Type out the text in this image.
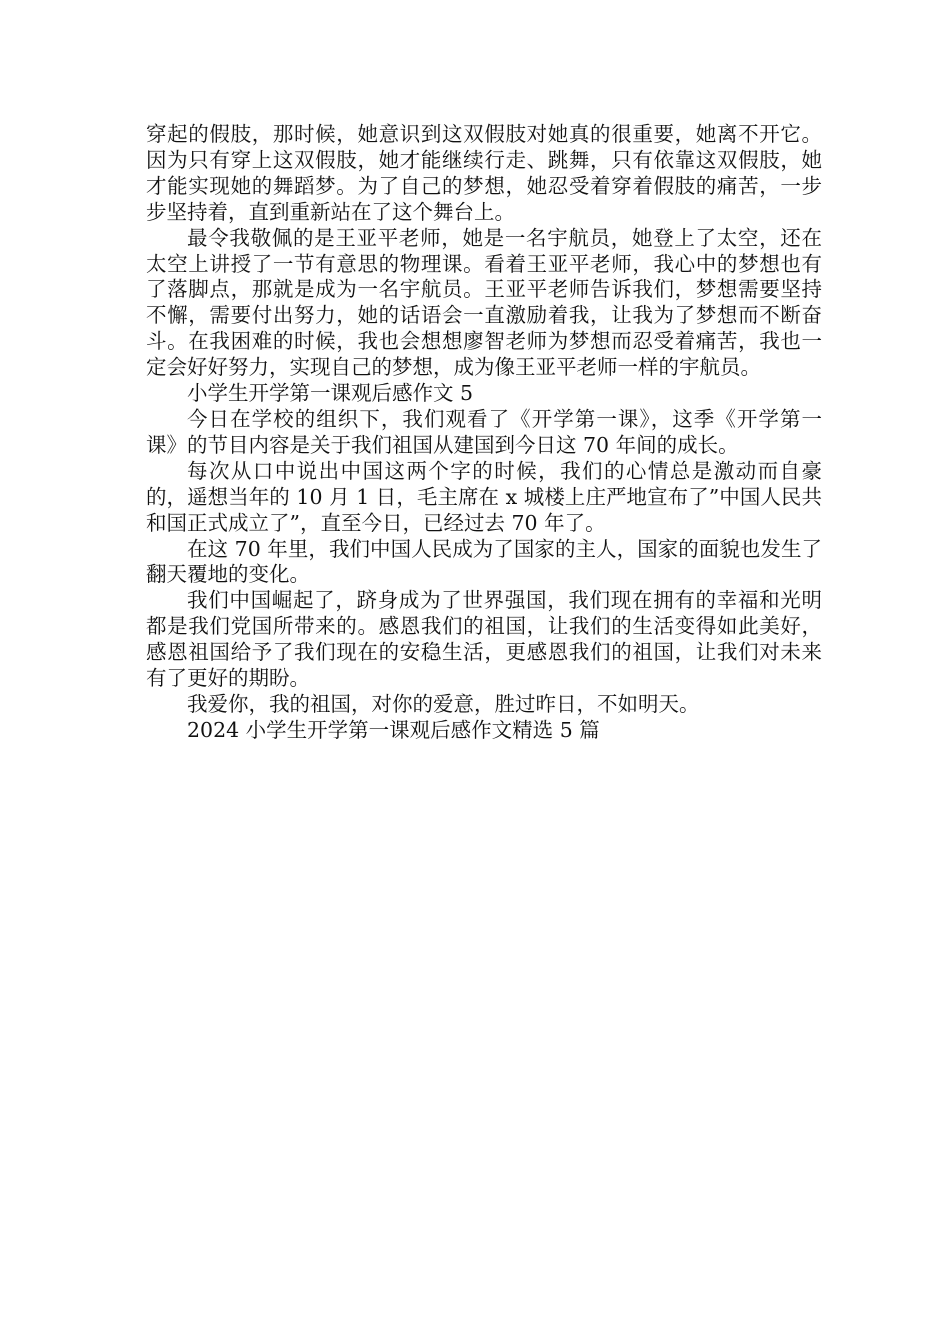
穿起的假肢，那时候，她意识到这双假肢对她真的很重要，她离不开它。因为只有穿上这双假肢，她才能继续行走、跳舞，只有依靠这双假肢，她才能实现她的舞蹈梦。为了自己的梦想，她忍受着穿着假肢的痛苦，一步步坚持着，直到重新站在了这个舞台上。

最令我敬佩的是王亚平老师，她是一名宇航员，她登上了太空，还在太空上讲授了一节有意思的物理课。看着王亚平老师，我心中的梦想也有了落脚点，那就是成为一名宇航员。王亚平老师告诉我们，梦想需要坚持不懈，需要付出努力，她的话语会一直激励着我，让我为了梦想而不断奋斗。在我困难的时候，我也会想想廖智老师为梦想而忍受着痛苦，我也一定会好好努力，实现自己的梦想，成为像王亚平老师一样的宇航员。

小学生开学第一课观后感作文 5

今日在学校的组织下，我们观看了《开学第一课》，这季《开学第一课》的节目内容是关于我们祖国从建国到今日这 70 年间的成长。

每次从口中说出中国这两个字的时候，我们的心情总是激动而自豪的，遥想当年的 10 月 1 日，毛主席在 x 城楼上庄严地宣布了”中国人民共和国正式成立了”，直至今日，已经过去 70 年了。

在这 70 年里，我们中国人民成为了国家的主人，国家的面貌也发生了翻天覆地的变化。

我们中国崛起了，跻身成为了世界强国，我们现在拥有的幸福和光明都是我们党国所带来的。感恩我们的祖国，让我们的生活变得如此美好，感恩祖国给予了我们现在的安稳生活，更感恩我们的祖国，让我们对未来有了更好的期盼。

我爱你，我的祖国，对你的爱意，胜过昨日，不如明天。

2024 小学生开学第一课观后感作文精选 5 篇
